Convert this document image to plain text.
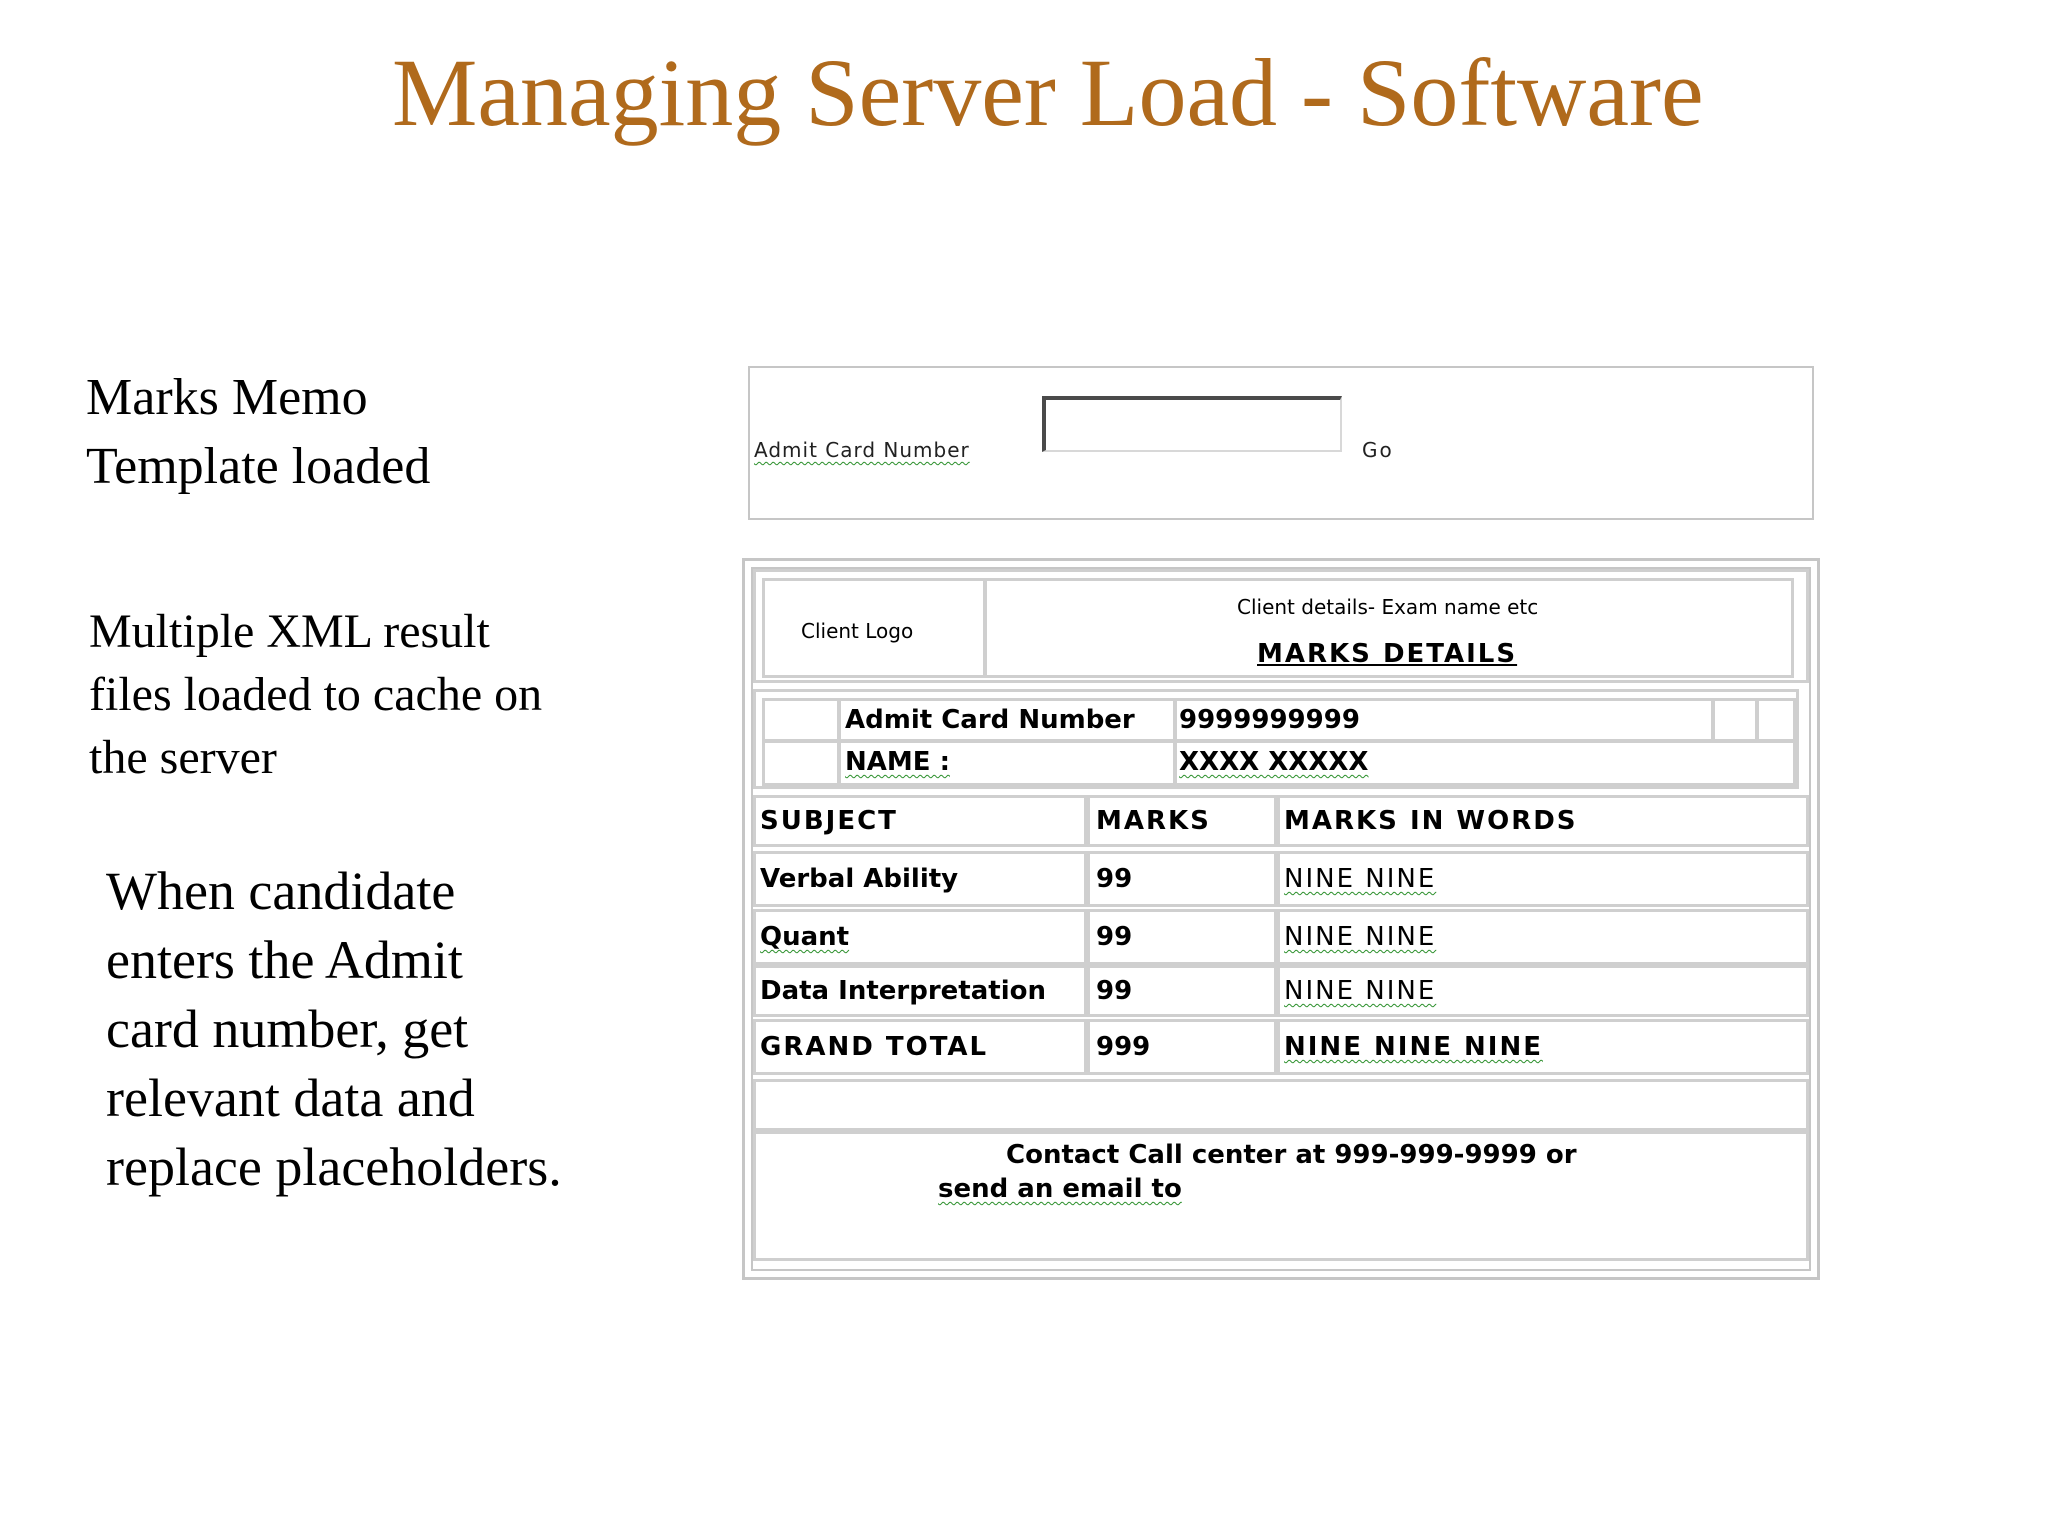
Managing Server Load - Software
Marks Memo Template loaded
Multiple XML result files loaded to cache on the server
When candidate enters the Admit card number, get relevant data and replace placeholders.
Admit Card Number	Go
Client Logo
Client details- Exam name etc
MARKS DETAILS
Admit Card Number 9999999999
NAME :	XXXX XXXXX
SUBJECT	MARKS	MARKS IN WORDS
Verbal Ability	99	NINE NINE
Quant	99	NINE NINE
Data Interpretation 99	NINE NINE
GRAND TOTAL	999	NINE NINE NINE
Contact Call center at 999-999-9999 or
send an email to
